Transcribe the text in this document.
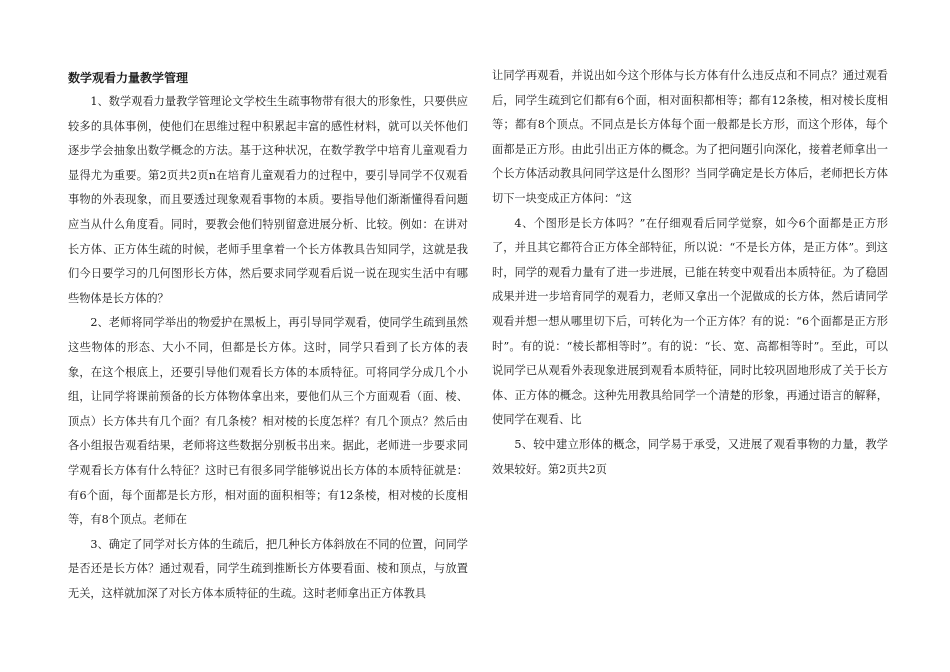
数学观看力量教学管理

1、数学观看力量教学管理论文学校生生疏事物带有很大的形象性，只要供应较多的具体事例，使他们在思维过程中积累起丰富的感性材料，就可以关怀他们逐步学会抽象出数学概念的方法。基于这种状况，在数学教学中培育儿童观看力显得尤为重要。第2页共2页n在培育儿童观看力的过程中，要引导同学不仅观看事物的外表现象，而且要透过现象观看事物的本质。要指导他们渐渐懂得看问题应当从什么角度看。同时，要教会他们特别留意进展分析、比较。例如：在讲对长方体、正方体生疏的时候，老师手里拿着一个长方体教具告知同学，这就是我们今日要学习的几何图形长方体，然后要求同学观看后说一说在现实生活中有哪些物体是长方体的？

2、老师将同学举出的物爱护在黑板上，再引导同学观看，使同学生疏到虽然这些物体的形态、大小不同，但都是长方体。这时，同学只看到了长方体的表象，在这个根底上，还要引导他们观看长方体的本质特征。可将同学分成几个小组，让同学将课前预备的长方体物体拿出来，要他们从三个方面观看（面、棱、顶点）长方体共有几个面？有几条棱？相对棱的长度怎样？有几个顶点？然后由各小组报告观看结果，老师将这些数据分别板书出来。据此，老师进一步要求同学观看长方体有什么特征？这时已有很多同学能够说出长方体的本质特征就是：有6个面，每个面都是长方形，相对面的面积相等；有12条棱，相对棱的长度相等，有8个顶点。老师在

3、确定了同学对长方体的生疏后，把几种长方体斜放在不同的位置，问同学是否还是长方体？通过观看，同学生疏到推断长方体要看面、棱和顶点，与放置无关，这样就加深了对长方体本质特征的生疏。这时老师拿出正方体教具

让同学再观看，并说出如今这个形体与长方体有什么违反点和不同点？通过观看后，同学生疏到它们都有6个面，相对面积都相等；都有12条棱，相对棱长度相等；都有8个顶点。不同点是长方体每个面一般都是长方形，而这个形体，每个面都是正方形。由此引出正方体的概念。为了把问题引向深化，接着老师拿出一个长方体活动教具问同学这是什么图形？当同学确定是长方体后，老师把长方体切下一块变成正方体问：“这

4、个图形是长方体吗？”在仔细观看后同学觉察，如今6个面都是正方形了，并且其它都符合正方体全部特征，所以说：“不是长方体，是正方体”。到这时，同学的观看力量有了进一步进展，已能在转变中观看出本质特征。为了稳固成果并进一步培育同学的观看力，老师又拿出一个泥做成的长方体，然后请同学观看并想一想从哪里切下后，可转化为一个正方体？有的说：“6个面都是正方形时”。有的说：“棱长都相等时”。有的说：“长、宽、高都相等时”。至此，可以说同学已从观看外表现象进展到观看本质特征，同时比较巩固地形成了关于长方体、正方体的概念。这种先用教具给同学一个清楚的形象，再通过语言的解释，使同学在观看、比

5、较中建立形体的概念，同学易于承受，又进展了观看事物的力量，教学效果较好。第2页共2页
